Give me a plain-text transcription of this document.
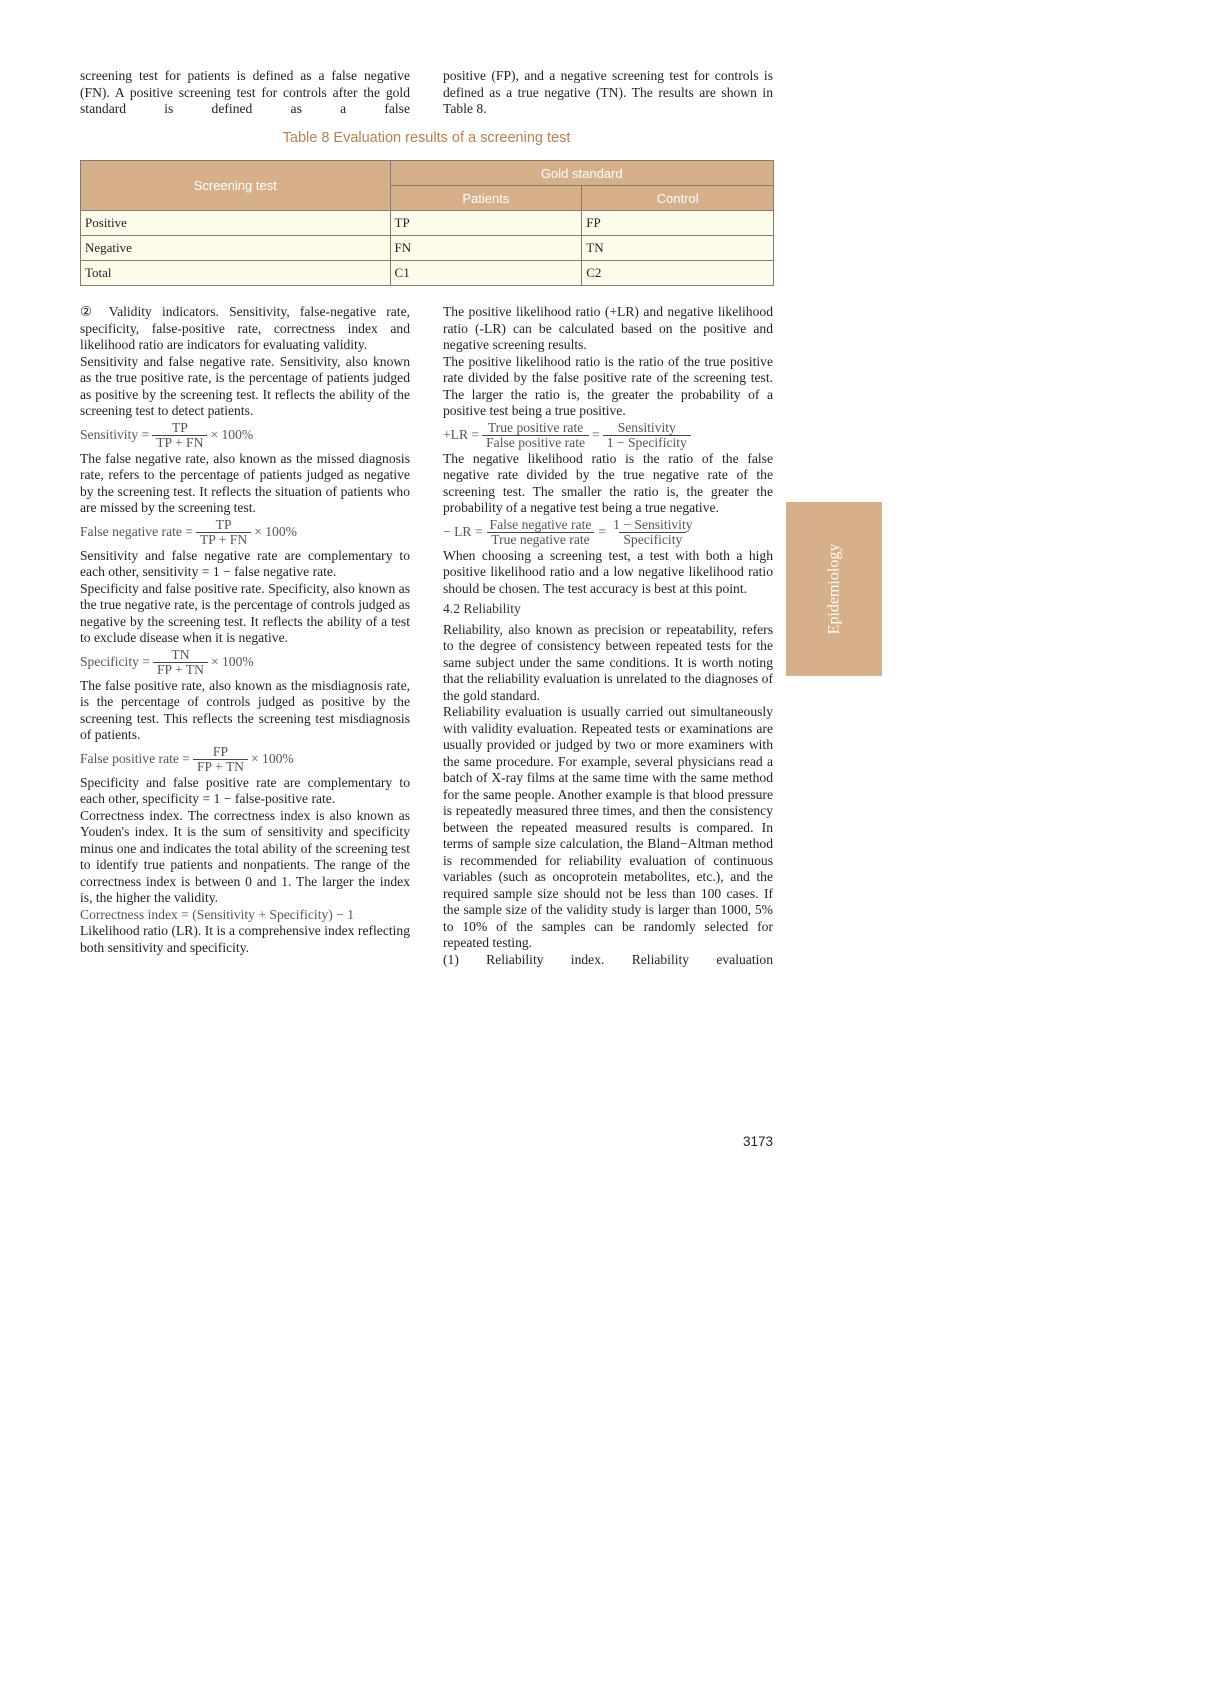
screening test for patients is defined as a false negative (FN). A positive screening test for controls after the gold standard is defined as a false

positive (FP), and a negative screening test for controls is defined as a true negative (TN). The results are shown in Table 8.

Table 8 Evaluation results of a screening test
Screening test	Gold standard	
	Patients	Control
Positive	TP	FP
Negative	FN	TN
Total	C1	C2

② Validity indicators. Sensitivity, false-negative rate, specificity, false-positive rate, correctness index and likelihood ratio are indicators for evaluating validity.

Sensitivity and false negative rate. Sensitivity, also known as the true positive rate, is the percentage of patients judged as positive by the screening test. It reflects the ability of the screening test to detect patients.

Sensitivity = $\frac{TP}{TP + FN} \times 100\%$

The false negative rate, also known as the missed diagnosis rate, refers to the percentage of patients judged as negative by the screening test. It reflects the situation of patients who are missed by the screening test.

False negative rate = $\frac{TP}{TP + FN} \times 100\%$

Sensitivity and false negative rate are complementary to each other, sensitivity = 1 − false negative rate.

Specificity and false positive rate. Specificity, also known as the true negative rate, is the percentage of controls judged as negative by the screening test. It reflects the ability of a test to exclude disease when it is negative.

Specificity = $\frac{TN}{FP + TN} \times 100\%$

The false positive rate, also known as the misdiagnosis rate, is the percentage of controls judged as positive by the screening test. This reflects the screening test misdiagnosis of patients.

False positive rate = $\frac{FP}{FP + TN} \times 100\%$

Specificity and false positive rate are complementary to each other, specificity = 1 − false-positive rate.

Correctness index. The correctness index is also known as Youden's index. It is the sum of sensitivity and specificity minus one and indicates the total ability of the screening test to identify true patients and nonpatients. The range of the correctness index is between 0 and 1. The larger the index is, the higher the validity.

Correctness index = (Sensitivity + Specificity) − 1

Likelihood ratio (LR). It is a comprehensive index reflecting both sensitivity and specificity.

The positive likelihood ratio (+LR) and negative likelihood ratio (-LR) can be calculated based on the positive and negative screening results.

The positive likelihood ratio is the ratio of the true positive rate divided by the false positive rate of the screening test. The larger the ratio is, the greater the probability of a positive test being a true positive.

$+LR = \frac{\text{True positive rate}}{\text{False positive rate}} = \frac{\text{Sensitivity}}{\text{1 − Specificity}}$

The negative likelihood ratio is the ratio of the false negative rate divided by the true negative rate of the screening test. The smaller the ratio is, the greater the probability of a negative test being a true negative.

− LR = $\frac{\text{False negative rate}}{\text{True negative rate}} = \frac{\text{1 − Sensitivity}}{\text{Specificity}}$

When choosing a screening test, a test with both a high positive likelihood ratio and a low negative likelihood ratio should be chosen. The test accuracy is best at this point.

4.2 Reliability

Reliability, also known as precision or repeatability, refers to the degree of consistency between repeated tests for the same subject under the same conditions. It is worth noting that the reliability evaluation is unrelated to the diagnoses of the gold standard.

Reliability evaluation is usually carried out simultaneously with validity evaluation. Repeated tests or examinations are usually provided or judged by two or more examiners with the same procedure. For example, several physicians read a batch of X-ray films at the same time with the same method for the same people. Another example is that blood pressure is repeatedly measured three times, and then the consistency between the repeated measured results is compared. In terms of sample size calculation, the Bland−Altman method is recommended for reliability evaluation of continuous variables (such as oncoprotein metabolites, etc.), and the required sample size should not be less than 100 cases. If the sample size of the validity study is larger than 1000, 5% to 10% of the samples can be randomly selected for repeated testing.

(1) Reliability index. Reliability evaluation

Epidemiology
3173
